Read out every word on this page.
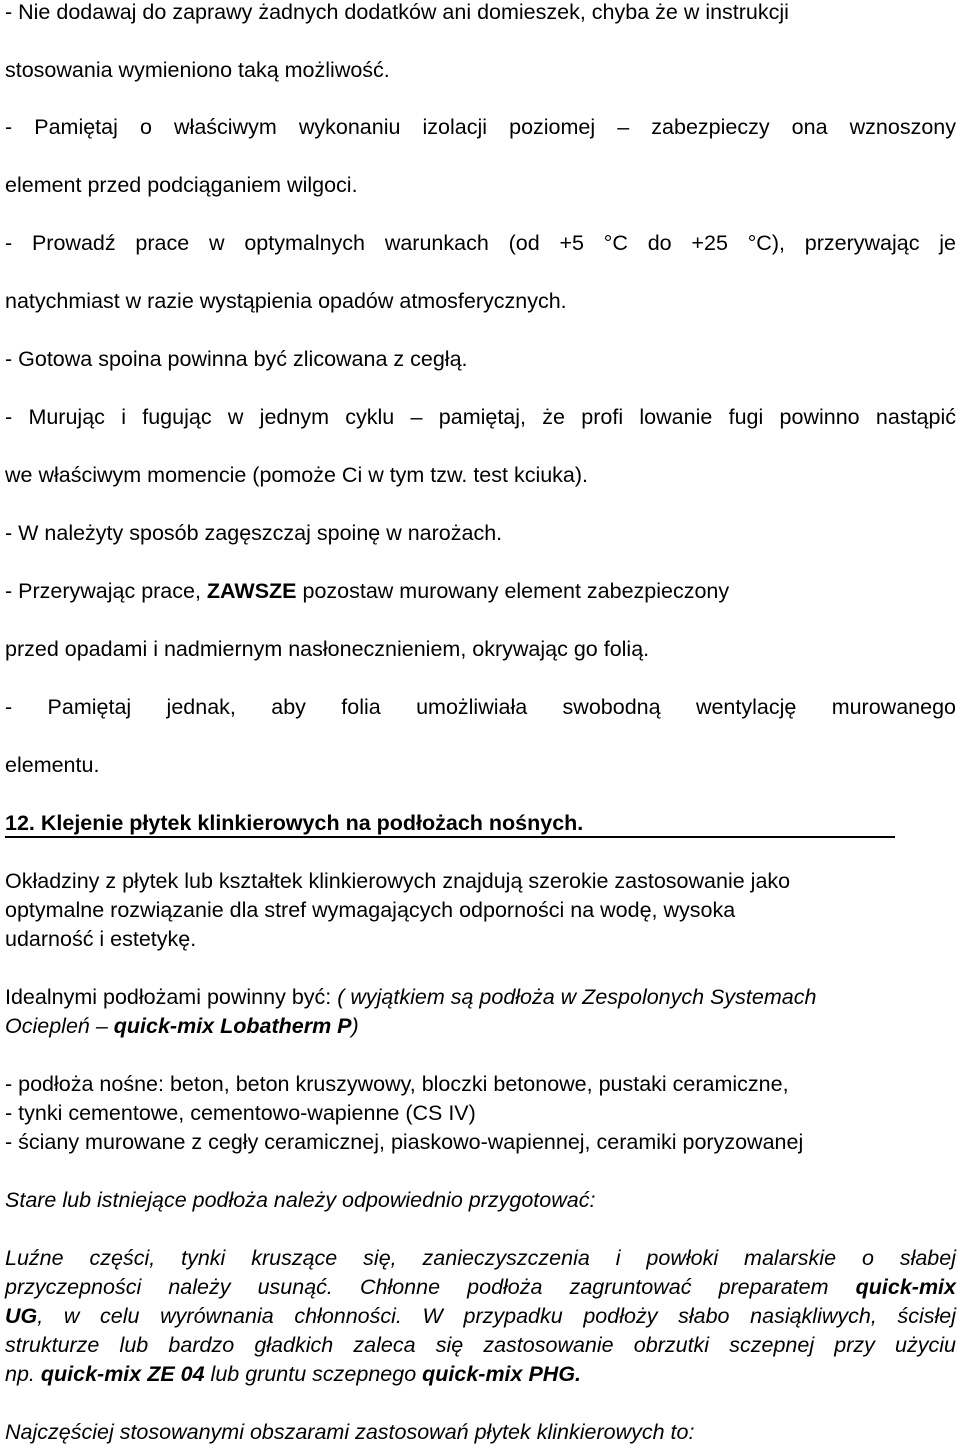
- Nie dodawaj do zaprawy żadnych dodatków ani domieszek, chyba że w instrukcji
stosowania wymieniono taką możliwość.
- Pamiętaj o właściwym wykonaniu izolacji poziomej – zabezpieczy ona wznoszony
element przed podciąganiem wilgoci.
- Prowadź prace w optymalnych warunkach (od +5 °C do +25 °C), przerywając je
natychmiast w razie wystąpienia opadów atmosferycznych.
- Gotowa spoina powinna być zlicowana z cegłą.
- Murując i fugując w jednym cyklu – pamiętaj, że profi lowanie fugi powinno nastąpić
we właściwym momencie (pomoże Ci w tym tzw. test kciuka).
- W należyty sposób zagęszczaj spoinę w narożach.
- Przerywając prace, ZAWSZE pozostaw murowany element zabezpieczony
przed opadami i nadmiernym nasłonecznieniem, okrywając go folią.
- Pamiętaj jednak, aby folia umożliwiała swobodną wentylację murowanego
elementu.
12. Klejenie płytek klinkierowych na podłożach nośnych.
Okładziny z płytek lub kształtek klinkierowych znajdują szerokie zastosowanie jako
optymalne rozwiązanie dla stref wymagających odporności na wodę, wysoka
udarność i estetykę.
Idealnymi podłożami powinny być: ( wyjątkiem są podłoża w Zespolonych Systemach
Ociepleń – quick-mix Lobatherm P)
- podłoża nośne: beton, beton kruszywowy, bloczki betonowe, pustaki ceramiczne,
- tynki cementowe, cementowo-wapienne (CS IV)
- ściany murowane z cegły ceramicznej, piaskowo-wapiennej, ceramiki poryzowanej
Stare lub istniejące podłoża należy odpowiednio przygotować:
Luźne części, tynki kruszące się, zanieczyszczenia i powłoki malarskie o słabej
przyczepności należy usunąć. Chłonne podłoża zagruntować preparatem quick-mix
UG, w celu wyrównania chłonności. W przypadku podłoży słabo nasiąkliwych, ścisłej
strukturze lub bardzo gładkich zaleca się zastosowanie obrzutki sczepnej przy użyciu
np. quick-mix ZE 04 lub gruntu sczepnego quick-mix PHG.
Najczęściej stosowanymi obszarami zastosowań płytek klinkierowych to:
